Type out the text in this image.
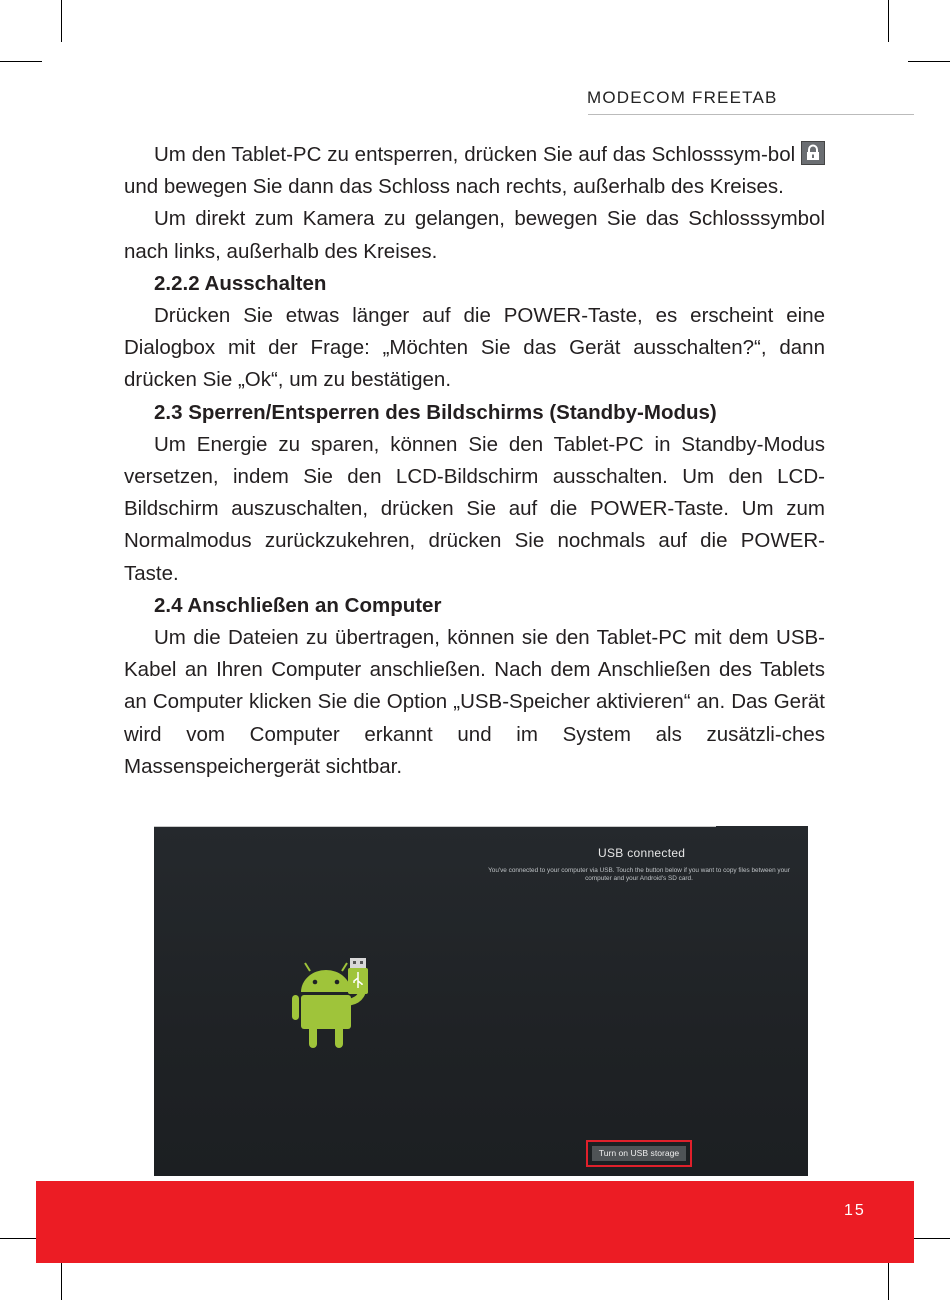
MODECOM FREETAB

Um den Tablet-PC zu entsperren, drücken Sie auf das Schlosssym-bol
und bewegen Sie dann das Schloss nach rechts, außerhalb des Kreises.

Um direkt zum Kamera zu gelangen, bewegen Sie das Schlosssymbol nach links, außerhalb des Kreises.

2.2.2 Ausschalten

Drücken Sie etwas länger auf die POWER-Taste, es erscheint eine Dialogbox mit der Frage: „Möchten Sie das Gerät ausschalten?“, dann drücken Sie „Ok“, um zu bestätigen.

2.3 Sperren/Entsperren des Bildschirms (Standby-Modus)

Um Energie zu sparen, können Sie den Tablet-PC in Standby-Modus versetzen, indem Sie den LCD-Bildschirm ausschalten. Um den LCD-Bildschirm auszuschalten, drücken Sie auf die POWER-Taste. Um zum Normalmodus zurückzukehren, drücken Sie nochmals auf die POWER-Taste.

2.4 Anschließen an Computer

Um die Dateien zu übertragen, können sie den Tablet-PC mit dem USB-Kabel an Ihren Computer anschließen. Nach dem Anschließen des Tablets an Computer klicken Sie die Option „USB-Speicher aktivieren“ an. Das Gerät wird vom Computer erkannt und im System als zusätzli-ches Massenspeichergerät sichtbar.

USB connected
You've connected to your computer via USB. Touch the button below if you want to copy files between your computer and your Android's SD card.
Turn on USB storage
15
